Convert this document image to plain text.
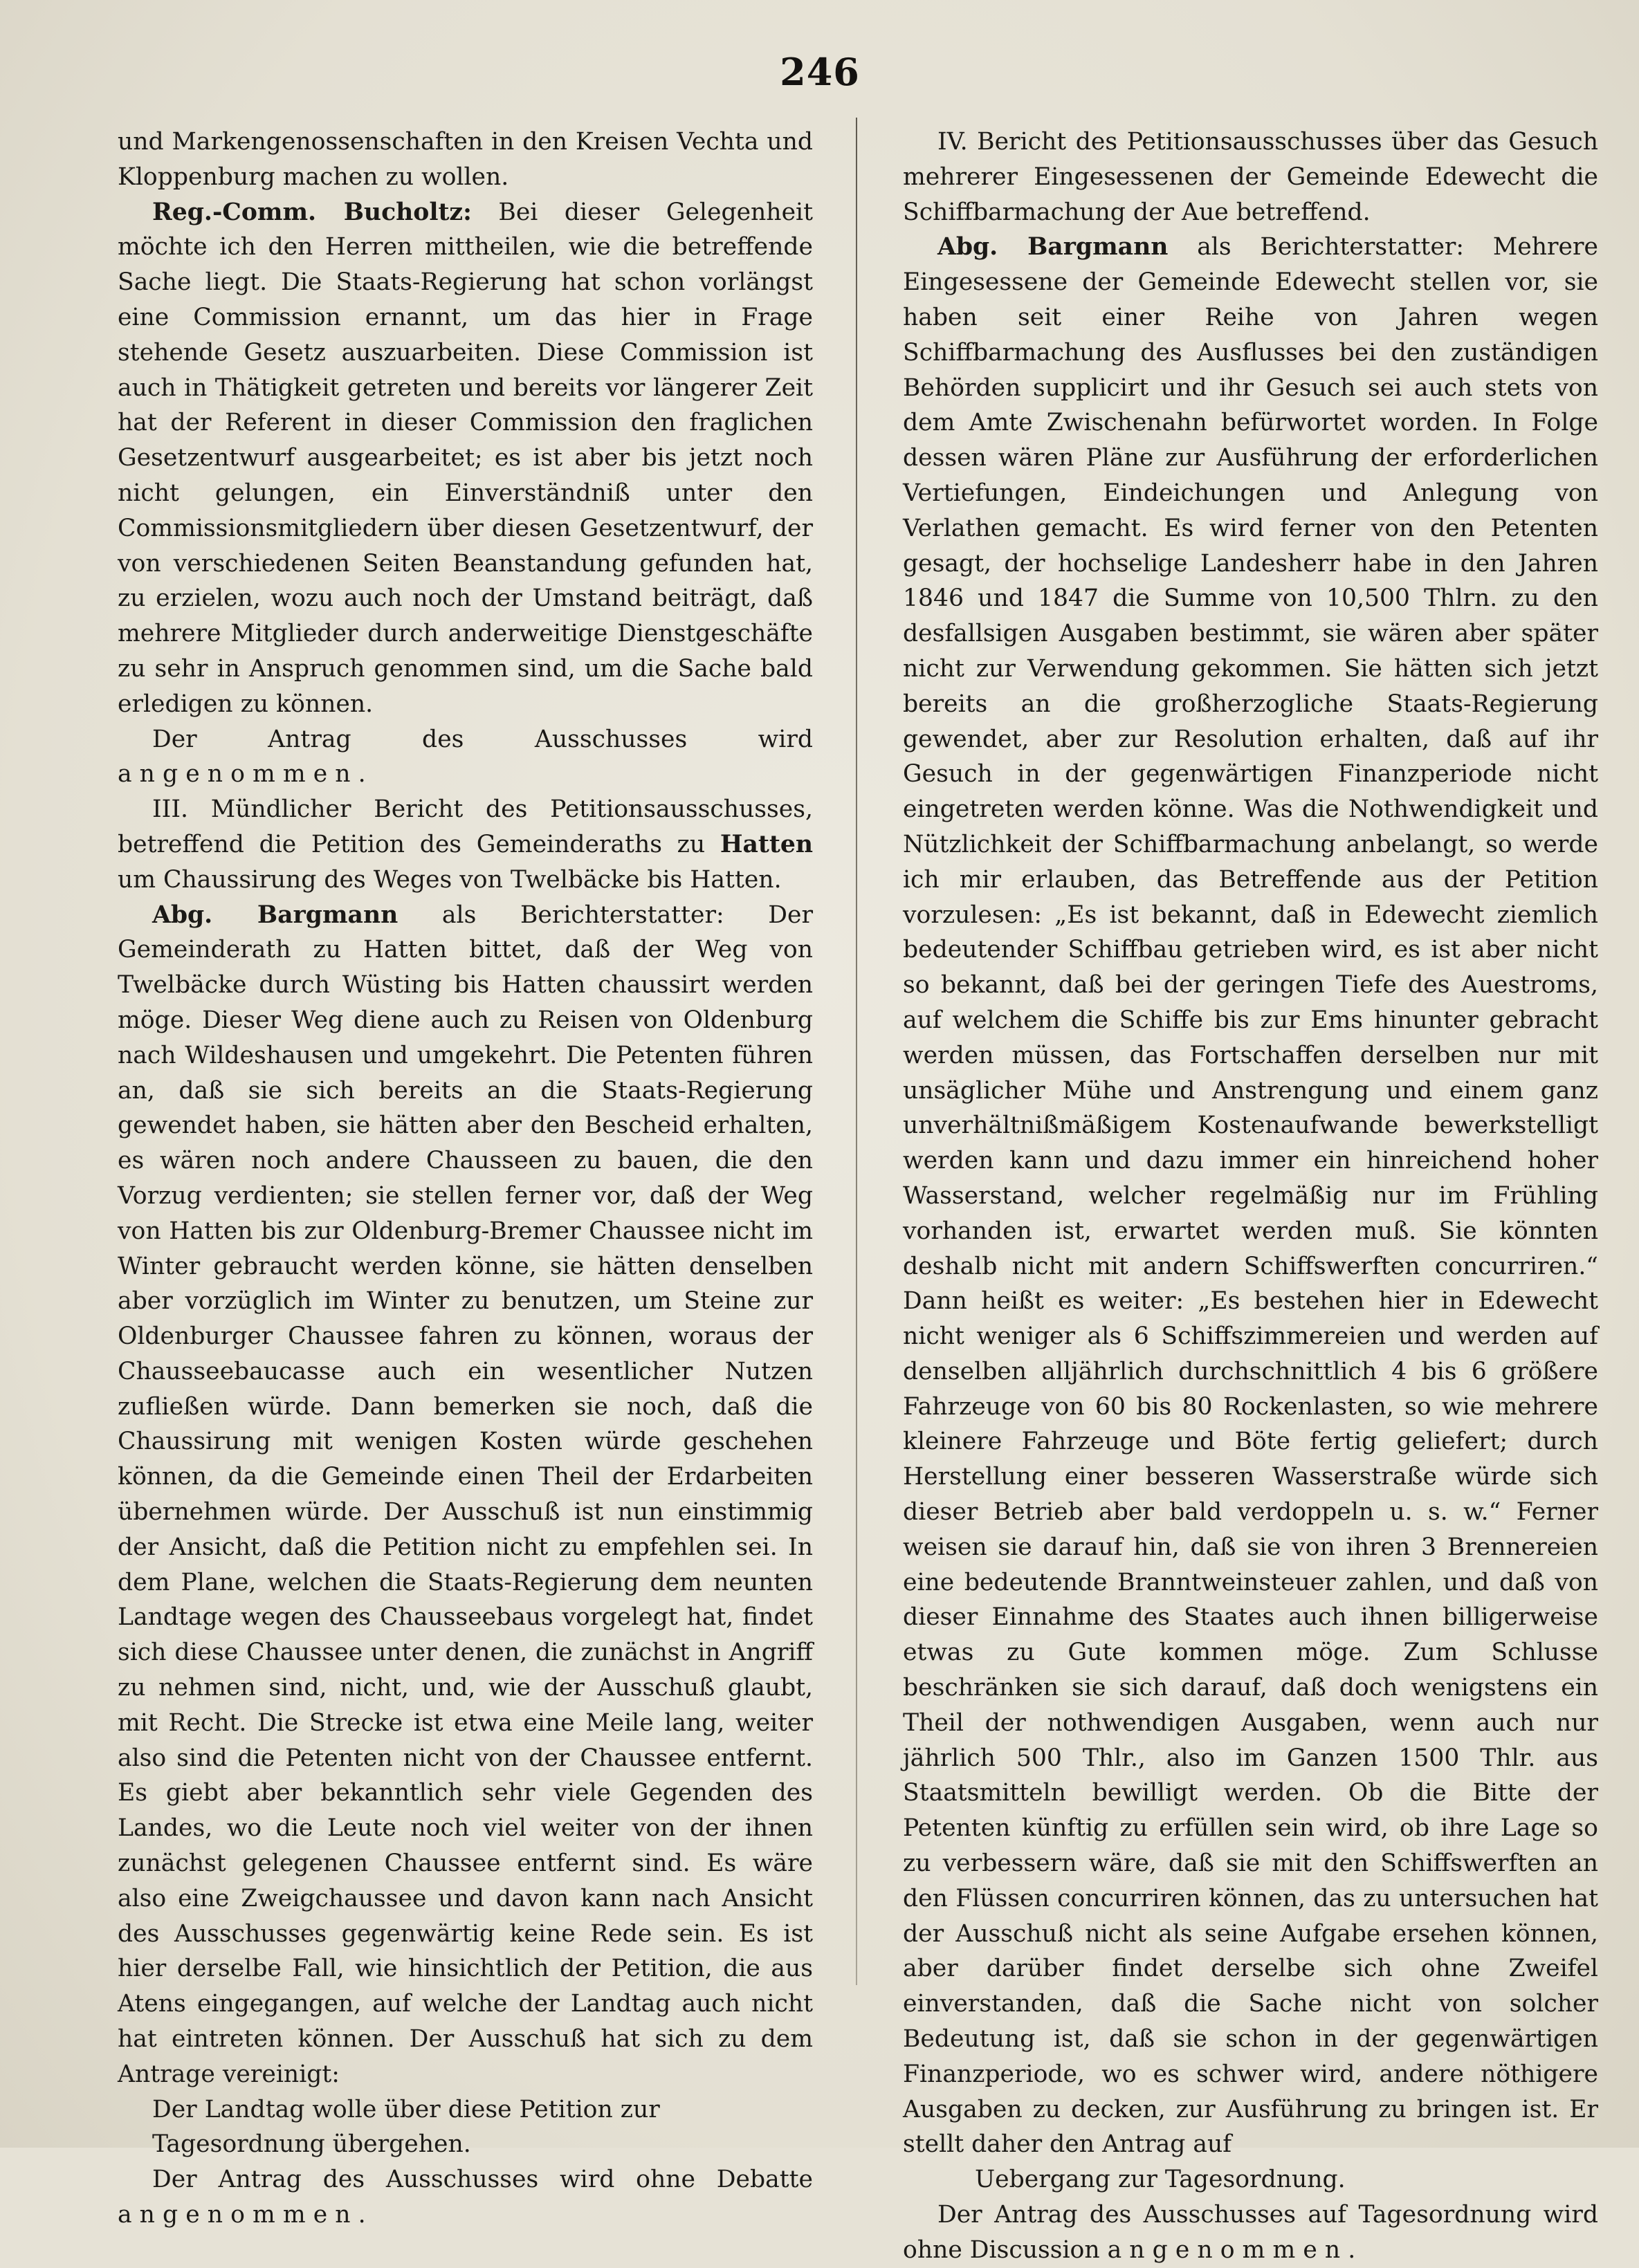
246

und Markengenossenschaften in den Kreisen Vechta und Kloppenburg machen zu wollen.

Reg.-Comm. Bucholtz: Bei dieser Gelegenheit möchte ich den Herren mittheilen, wie die betreffende Sache liegt. Die Staats-Regierung hat schon vorlängst eine Commission ernannt, um das hier in Frage stehende Gesetz auszuarbeiten. Diese Commission ist auch in Thätigkeit getreten und bereits vor längerer Zeit hat der Referent in dieser Commission den fraglichen Gesetzentwurf ausgearbeitet; es ist aber bis jetzt noch nicht gelungen, ein Einverständniß unter den Commissionsmitgliedern über diesen Gesetzentwurf, der von verschiedenen Seiten Beanstandung gefunden hat, zu erzielen, wozu auch noch der Umstand beiträgt, daß mehrere Mitglieder durch anderweitige Dienstgeschäfte zu sehr in Anspruch genommen sind, um die Sache bald erledigen zu können.

Der Antrag des Ausschusses wird angenommen.

III. Mündlicher Bericht des Petitionsausschusses, betreffend die Petition des Gemeinderaths zu Hatten um Chaussirung des Weges von Twelbäcke bis Hatten.

Abg. Bargmann als Berichterstatter: Der Gemeinderath zu Hatten bittet, daß der Weg von Twelbäcke durch Wüsting bis Hatten chaussirt werden möge. Dieser Weg diene auch zu Reisen von Oldenburg nach Wildeshausen und umgekehrt. Die Petenten führen an, daß sie sich bereits an die Staats-Regierung gewendet haben, sie hätten aber den Bescheid erhalten, es wären noch andere Chausseen zu bauen, die den Vorzug verdienten; sie stellen ferner vor, daß der Weg von Hatten bis zur Oldenburg-Bremer Chaussee nicht im Winter gebraucht werden könne, sie hätten denselben aber vorzüglich im Winter zu benutzen, um Steine zur Oldenburger Chaussee fahren zu können, woraus der Chausseebaucasse auch ein wesentlicher Nutzen zufließen würde. Dann bemerken sie noch, daß die Chaussirung mit wenigen Kosten würde geschehen können, da die Gemeinde einen Theil der Erdarbeiten übernehmen würde. Der Ausschuß ist nun einstimmig der Ansicht, daß die Petition nicht zu empfehlen sei. In dem Plane, welchen die Staats-Regierung dem neunten Landtage wegen des Chausseebaus vorgelegt hat, findet sich diese Chaussee unter denen, die zunächst in Angriff zu nehmen sind, nicht, und, wie der Ausschuß glaubt, mit Recht. Die Strecke ist etwa eine Meile lang, weiter also sind die Petenten nicht von der Chaussee entfernt. Es giebt aber bekanntlich sehr viele Gegenden des Landes, wo die Leute noch viel weiter von der ihnen zunächst gelegenen Chaussee entfernt sind. Es wäre also eine Zweigchaussee und davon kann nach Ansicht des Ausschusses gegenwärtig keine Rede sein. Es ist hier derselbe Fall, wie hinsichtlich der Petition, die aus Atens eingegangen, auf welche der Landtag auch nicht hat eintreten können. Der Ausschuß hat sich zu dem Antrage vereinigt:

Der Landtag wolle über diese Petition zur Tagesordnung übergehen.

Der Antrag des Ausschusses wird ohne Debatte angenommen.

IV. Bericht des Petitionsausschusses über das Gesuch mehrerer Eingesessenen der Gemeinde Edewecht die Schiffbarmachung der Aue betreffend.

Abg. Bargmann als Berichterstatter: Mehrere Eingesessene der Gemeinde Edewecht stellen vor, sie haben seit einer Reihe von Jahren wegen Schiffbarmachung des Ausflusses bei den zuständigen Behörden supplicirt und ihr Gesuch sei auch stets von dem Amte Zwischenahn befürwortet worden. In Folge dessen wären Pläne zur Ausführung der erforderlichen Vertiefungen, Eindeichungen und Anlegung von Verlathen gemacht. Es wird ferner von den Petenten gesagt, der hochselige Landesherr habe in den Jahren 1846 und 1847 die Summe von 10,500 Thlrn. zu den desfallsigen Ausgaben bestimmt, sie wären aber später nicht zur Verwendung gekommen. Sie hätten sich jetzt bereits an die großherzogliche Staats-Regierung gewendet, aber zur Resolution erhalten, daß auf ihr Gesuch in der gegenwärtigen Finanzperiode nicht eingetreten werden könne. Was die Nothwendigkeit und Nützlichkeit der Schiffbarmachung anbelangt, so werde ich mir erlauben, das Betreffende aus der Petition vorzulesen: „Es ist bekannt, daß in Edewecht ziemlich bedeutender Schiffbau getrieben wird, es ist aber nicht so bekannt, daß bei der geringen Tiefe des Auestroms, auf welchem die Schiffe bis zur Ems hinunter gebracht werden müssen, das Fortschaffen derselben nur mit unsäglicher Mühe und Anstrengung und einem ganz unverhältnißmäßigem Kostenaufwande bewerkstelligt werden kann und dazu immer ein hinreichend hoher Wasserstand, welcher regelmäßig nur im Frühling vorhanden ist, erwartet werden muß. Sie könnten deshalb nicht mit andern Schiffswerften concurriren.“ Dann heißt es weiter: „Es bestehen hier in Edewecht nicht weniger als 6 Schiffszimmereien und werden auf denselben alljährlich durchschnittlich 4 bis 6 größere Fahrzeuge von 60 bis 80 Rockenlasten, so wie mehrere kleinere Fahrzeuge und Böte fertig geliefert; durch Herstellung einer besseren Wasserstraße würde sich dieser Betrieb aber bald verdoppeln u. s. w.“ Ferner weisen sie darauf hin, daß sie von ihren 3 Brennereien eine bedeutende Branntweinsteuer zahlen, und daß von dieser Einnahme des Staates auch ihnen billigerweise etwas zu Gute kommen möge. Zum Schlusse beschränken sie sich darauf, daß doch wenigstens ein Theil der nothwendigen Ausgaben, wenn auch nur jährlich 500 Thlr., also im Ganzen 1500 Thlr. aus Staatsmitteln bewilligt werden. Ob die Bitte der Petenten künftig zu erfüllen sein wird, ob ihre Lage so zu verbessern wäre, daß sie mit den Schiffswerften an den Flüssen concurriren können, das zu untersuchen hat der Ausschuß nicht als seine Aufgabe ersehen können, aber darüber findet derselbe sich ohne Zweifel einverstanden, daß die Sache nicht von solcher Bedeutung ist, daß sie schon in der gegenwärtigen Finanzperiode, wo es schwer wird, andere nöthigere Ausgaben zu decken, zur Ausführung zu bringen ist. Er stellt daher den Antrag auf

Uebergang zur Tagesordnung.

Der Antrag des Ausschusses auf Tagesordnung wird ohne Discussion angenommen.
